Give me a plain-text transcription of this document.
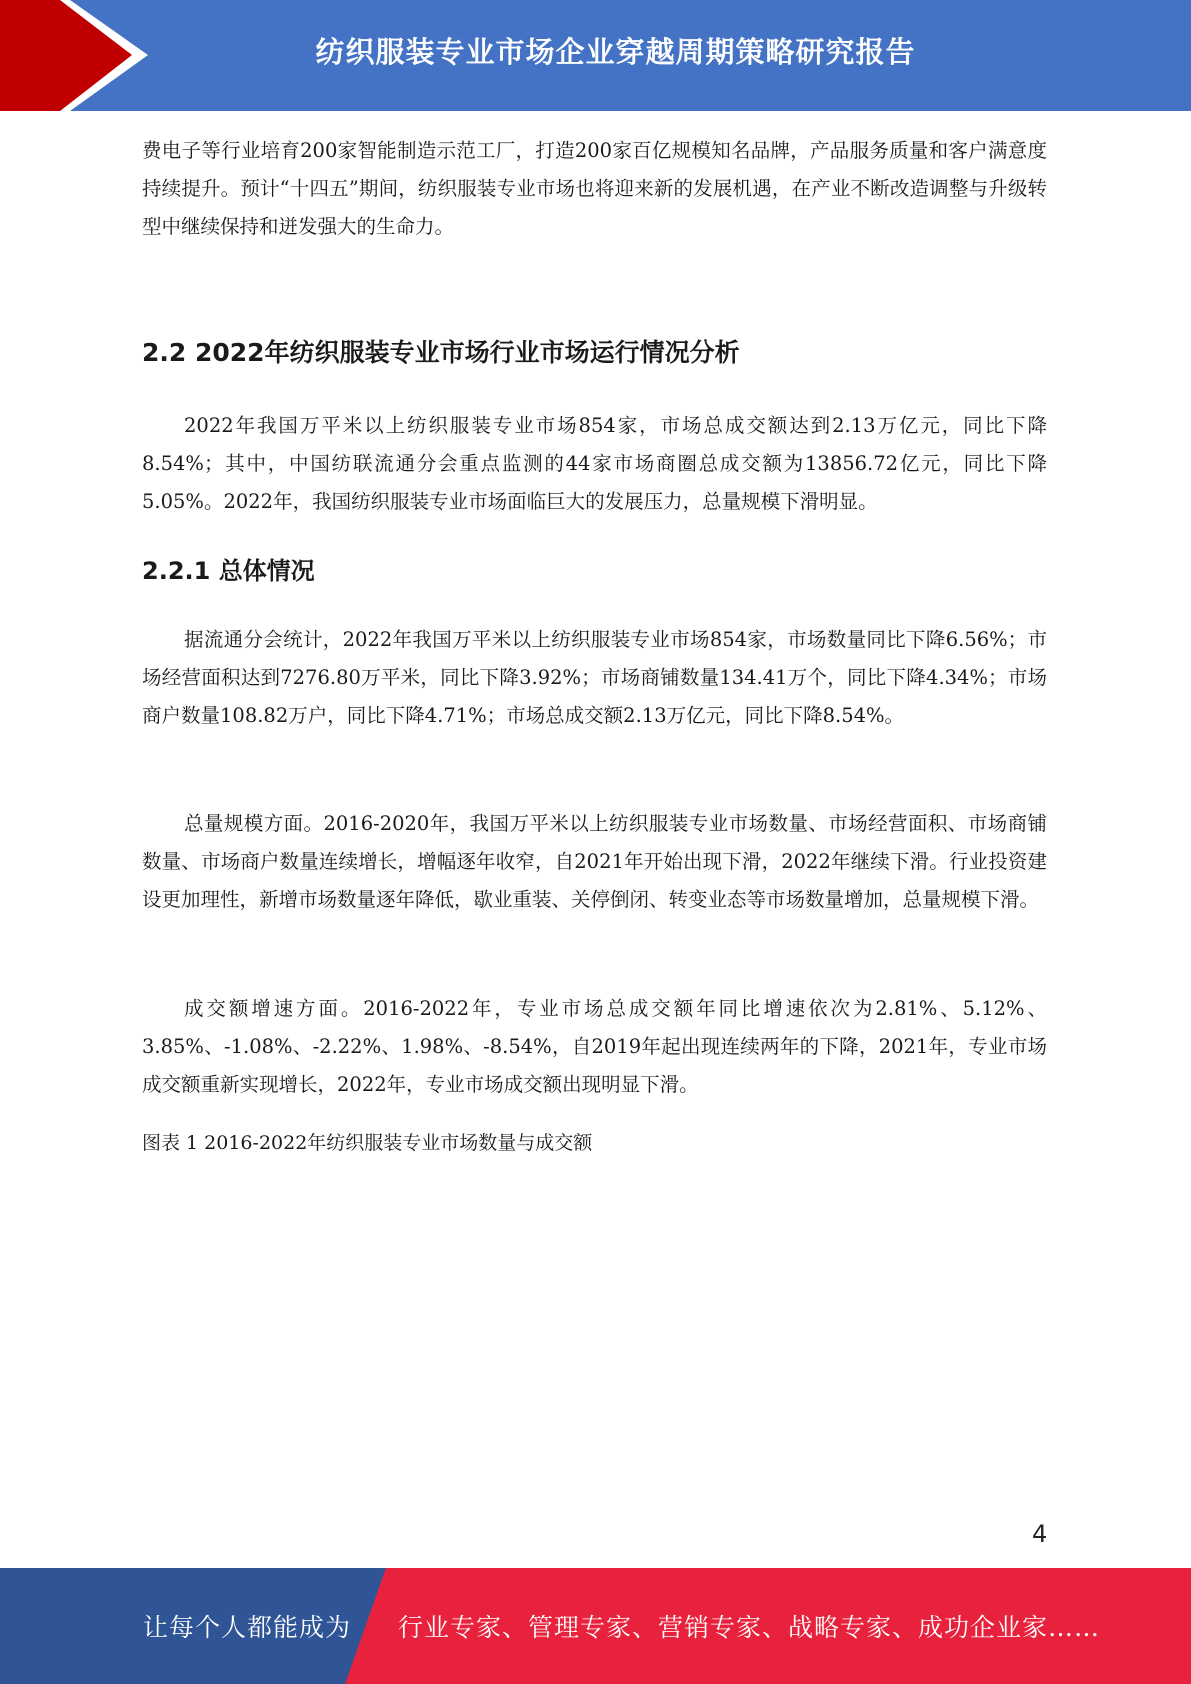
纺织服装专业市场企业穿越周期策略研究报告

费电子等行业培育200家智能制造示范工厂，打造200家百亿规模知名品牌，产品服务质量和客户满意度持续提升。预计“十四五”期间，纺织服装专业市场也将迎来新的发展机遇，在产业不断改造调整与升级转型中继续保持和迸发强大的生命力。

2.2 2022年纺织服装专业市场行业市场运行情况分析

2022年我国万平米以上纺织服装专业市场854家，市场总成交额达到2.13万亿元，同比下降8.54%；其中，中国纺联流通分会重点监测的44家市场商圈总成交额为13856.72亿元，同比下降5.05%。2022年，我国纺织服装专业市场面临巨大的发展压力，总量规模下滑明显。

2.2.1 总体情况

据流通分会统计，2022年我国万平米以上纺织服装专业市场854家，市场数量同比下降6.56%；市场经营面积达到7276.80万平米，同比下降3.92%；市场商铺数量134.41万个，同比下降4.34%；市场商户数量108.82万户，同比下降4.71%；市场总成交额2.13万亿元，同比下降8.54%。

总量规模方面。2016-2020年，我国万平米以上纺织服装专业市场数量、市场经营面积、市场商铺数量、市场商户数量连续增长，增幅逐年收窄，自2021年开始出现下滑，2022年继续下滑。行业投资建设更加理性，新增市场数量逐年降低，歇业重装、关停倒闭、转变业态等市场数量增加，总量规模下滑。

成交额增速方面。2016-2022年，专业市场总成交额年同比增速依次为2.81%、5.12%、3.85%、-1.08%、-2.22%、1.98%、-8.54%，自2019年起出现连续两年的下降，2021年，专业市场成交额重新实现增长，2022年，专业市场成交额出现明显下滑。

图表 1 2016-2022年纺织服装专业市场数量与成交额
4
让每个人都能成为 行业专家、管理专家、营销专家、战略专家、成功企业家……
